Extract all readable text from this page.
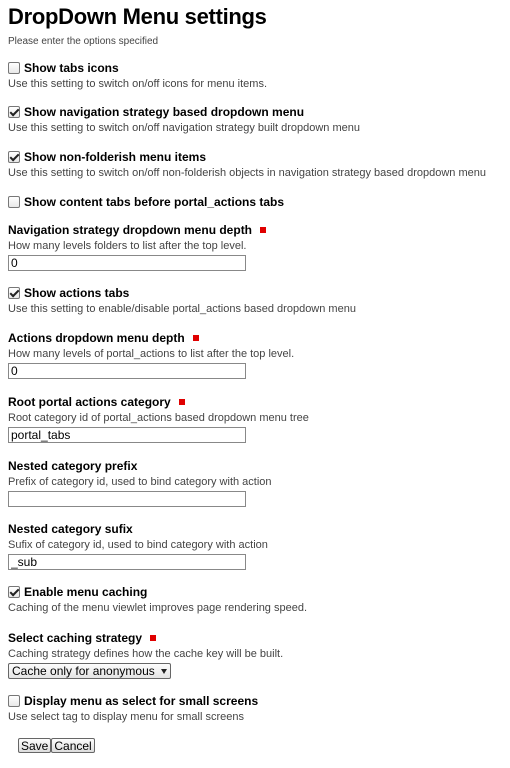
DropDown Menu settings
Please enter the options specified
Show tabs icons
Use this setting to switch on/off icons for menu items.
Show navigation strategy based dropdown menu
Use this setting to switch on/off navigation strategy built dropdown menu
Show non-folderish menu items
Use this setting to switch on/off non-folderish objects in navigation strategy based dropdown menu
Show content tabs before portal_actions tabs
Navigation strategy dropdown menu depth
How many levels folders to list after the top level.
0
Show actions tabs
Use this setting to enable/disable portal_actions based dropdown menu
Actions dropdown menu depth
How many levels of portal_actions to list after the top level.
0
Root portal actions category
Root category id of portal_actions based dropdown menu tree
portal_tabs
Nested category prefix
Prefix of category id, used to bind category with action
Nested category sufix
Sufix of category id, used to bind category with action
_sub
Enable menu caching
Caching of the menu viewlet improves page rendering speed.
Select caching strategy
Caching strategy defines how the cache key will be built.
Cache only for anonymous
Display menu as select for small screens
Use select tag to display menu for small screens
Save Cancel
